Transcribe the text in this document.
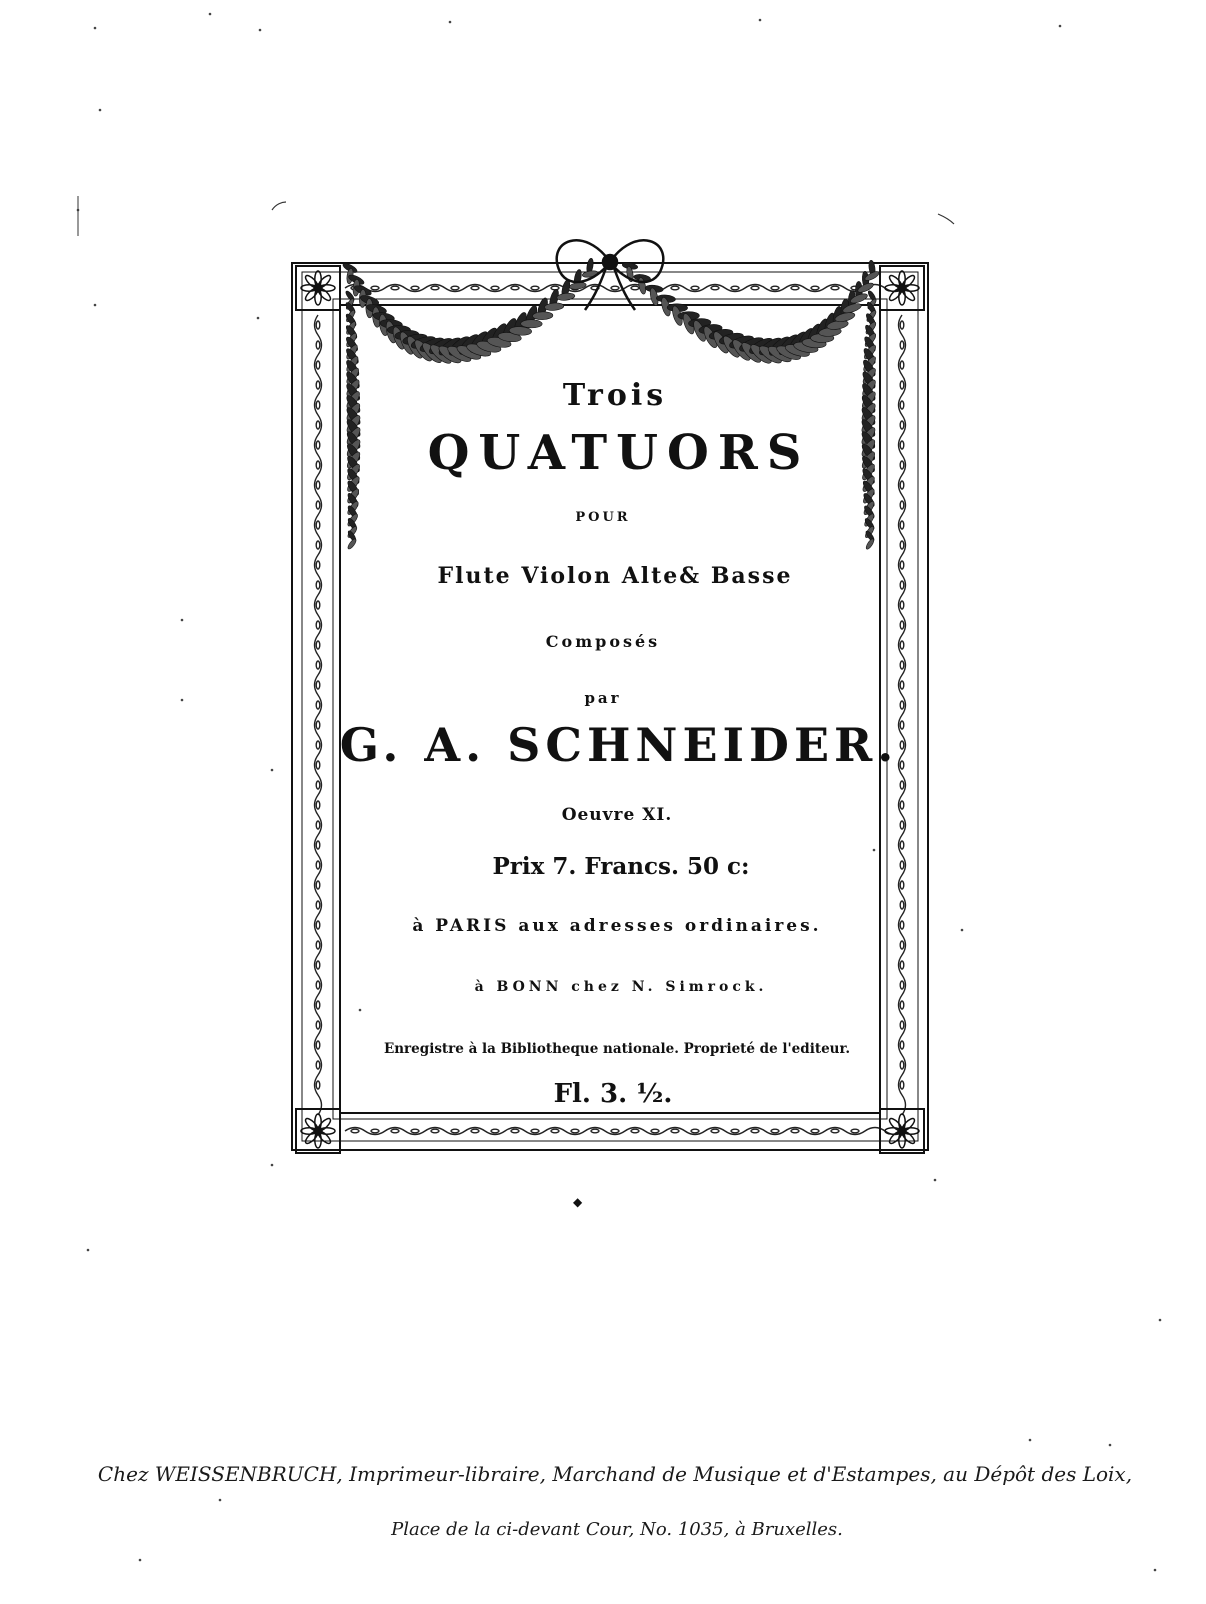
Trois
QUATUORS
POUR
Flute Violon Alte& Basse
Composés
par
G. A. SCHNEIDER.
Oeuvre XI.
Prix 7. Francs. 50 c:
à PARIS aux adresses ordinaires.
à BONN chez N. Simrock.
Enregistre à la Bibliotheque nationale. Proprieté de l'editeur.
Fl. 3. ½.
◆
Chez WEISSENBRUCH, Imprimeur-libraire, Marchand de Musique et d'Estampes, au Dépôt des Loix,
Place de la ci-devant Cour, No. 1035, à Bruxelles.
